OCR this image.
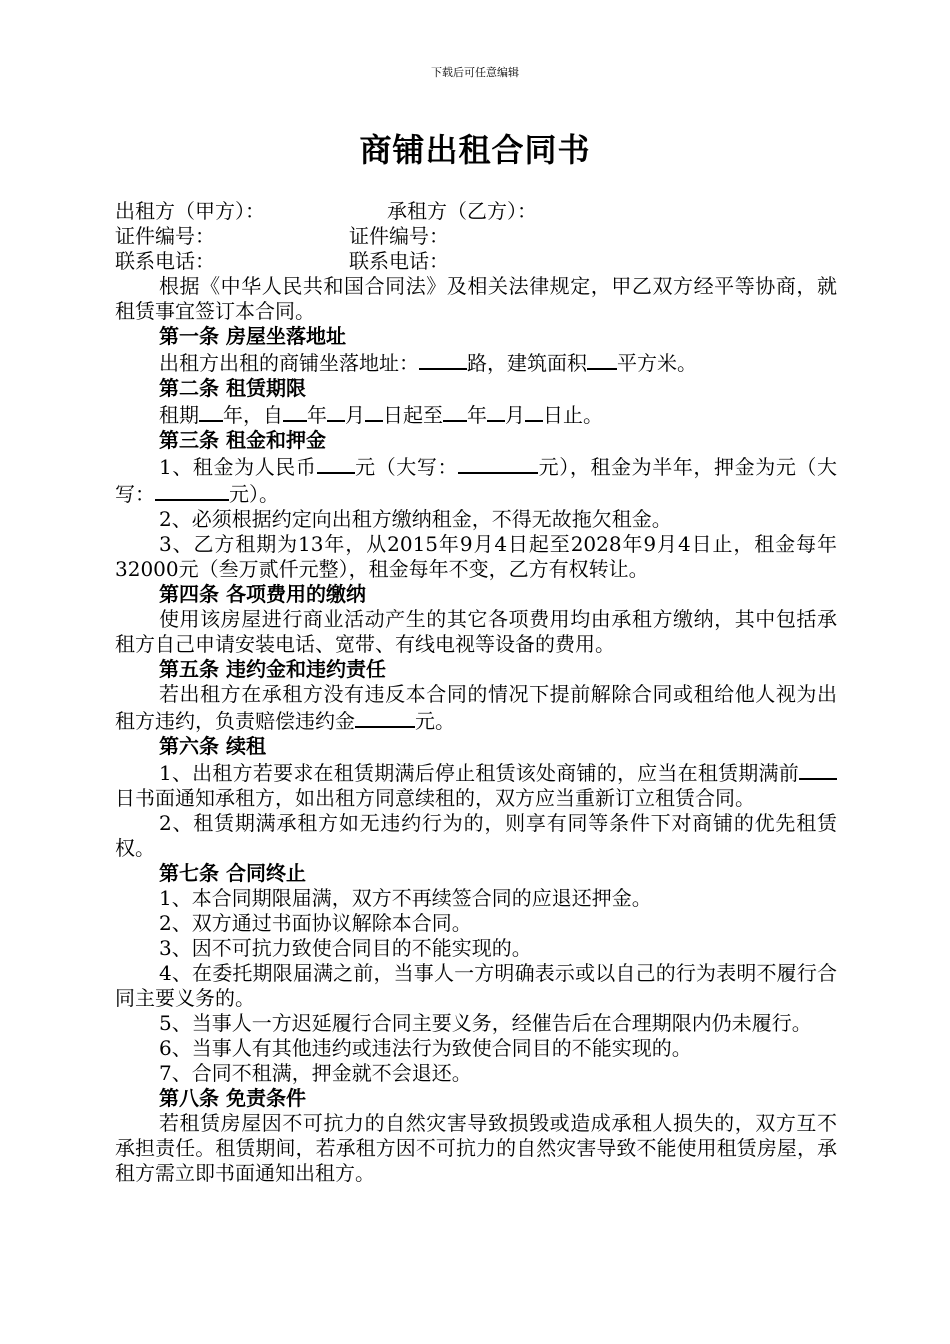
下载后可任意编辑
商铺出租合同书
出租方（甲方）：	承租方（乙方）：
证件编号：	证件编号：
联系电话：	联系电话：

根据《中华人民共和国合同法》及相关法律规定，甲乙双方经平等协商，就租赁事宜签订本合同。

第一条 房屋坐落地址

出租方出租的商铺坐落地址： 路，建筑面积 平方米。

第二条 租赁期限

租期 年，自 年 月 日起至 年 月 日止。

第三条 租金和押金

1、租金为人民币 元（大写：	元），租金为半年，押金为元（大写：	元）。

2、必须根据约定向出租方缴纳租金，不得无故拖欠租金。

3、乙方租期为13年，从2015年9月4日起至2028年9月4日止，租金每年32000元（叁万贰仟元整），租金每年不变，乙方有权转让。

第四条 各项费用的缴纳

使用该房屋进行商业活动产生的其它各项费用均由承租方缴纳，其中包括承租方自己申请安装电话、宽带、有线电视等设备的费用。

第五条 违约金和违约责任

若出租方在承租方没有违反本合同的情况下提前解除合同或租给他人视为出租方违约，负责赔偿违约金	元。

第六条 续租

1、出租方若要求在租赁期满后停止租赁该处商铺的，应当在租赁期满前日书面通知承租方，如出租方同意续租的，双方应当重新订立租赁合同。

2、租赁期满承租方如无违约行为的，则享有同等条件下对商铺的优先租赁权。

第七条 合同终止

1、本合同期限届满，双方不再续签合同的应退还押金。

2、双方通过书面协议解除本合同。

3、因不可抗力致使合同目的不能实现的。

4、在委托期限届满之前，当事人一方明确表示或以自己的行为表明不履行合同主要义务的。

5、当事人一方迟延履行合同主要义务，经催告后在合理期限内仍未履行。

6、当事人有其他违约或违法行为致使合同目的不能实现的。

7、合同不租满，押金就不会退还。

第八条 免责条件

若租赁房屋因不可抗力的自然灾害导致损毁或造成承租人损失的，双方互不承担责任。租赁期间，若承租方因不可抗力的自然灾害导致不能使用租赁房屋，承租方需立即书面通知出租方。
